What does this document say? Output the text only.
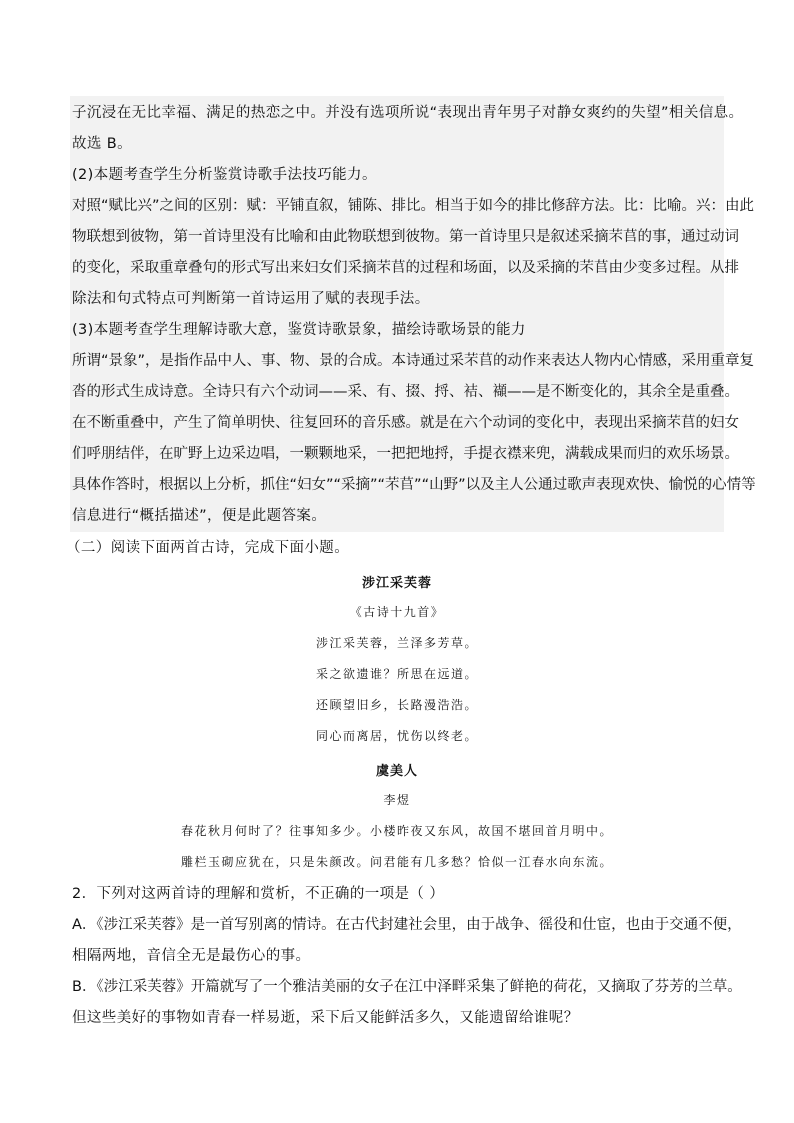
子沉浸在无比幸福、满足的热恋之中。并没有选项所说“表现出青年男子对静女爽约的失望”相关信息。
故选 B。
(2)本题考查学生分析鉴赏诗歌手法技巧能力。
对照“赋比兴”之间的区别：赋：平铺直叙，铺陈、排比。相当于如今的排比修辞方法。比：比喻。兴：由此
物联想到彼物，第一首诗里没有比喻和由此物联想到彼物。第一首诗里只是叙述采摘芣苢的事，通过动词
的变化，采取重章叠句的形式写出来妇女们采摘芣苢的过程和场面，以及采摘的芣苢由少变多过程。从排
除法和句式特点可判断第一首诗运用了赋的表现手法。
(3)本题考查学生理解诗歌大意，鉴赏诗歌景象，描绘诗歌场景的能力
所谓“景象”，是指作品中人、事、物、景的合成。本诗通过采芣苢的动作来表达人物内心情感，采用重章复
沓的形式生成诗意。全诗只有六个动词——采、有、掇、捋、袺、襭——是不断变化的，其余全是重叠。
在不断重叠中，产生了简单明快、往复回环的音乐感。就是在六个动词的变化中，表现出采摘芣苢的妇女
们呼朋结伴，在旷野上边采边唱，一颗颗地采，一把把地捋，手提衣襟来兜，满载成果而归的欢乐场景。
具体作答时，根据以上分析，抓住“妇女”“采摘”“芣苢”“山野”以及主人公通过歌声表现欢快、愉悦的心情等
信息进行“概括描述”，便是此题答案。
（二）阅读下面两首古诗，完成下面小题。
涉江采芙蓉
《古诗十九首》
涉江采芙蓉，兰泽多芳草。
采之欲遗谁？所思在远道。
还顾望旧乡，长路漫浩浩。
同心而离居，忧伤以终老。
虞美人
李煜
春花秋月何时了？往事知多少。小楼昨夜又东风，故国不堪回首月明中。
雕栏玉砌应犹在，只是朱颜改。问君能有几多愁？恰似一江春水向东流。
2．下列对这两首诗的理解和赏析，不正确的一项是（ ）
A．《涉江采芙蓉》是一首写别离的情诗。在古代封建社会里，由于战争、徭役和仕宦，也由于交通不便，
相隔两地，音信全无是最伤心的事。
B．《涉江采芙蓉》开篇就写了一个雅洁美丽的女子在江中泽畔采集了鲜艳的荷花，又摘取了芬芳的兰草。
但这些美好的事物如青春一样易逝，采下后又能鲜活多久，又能遗留给谁呢？
